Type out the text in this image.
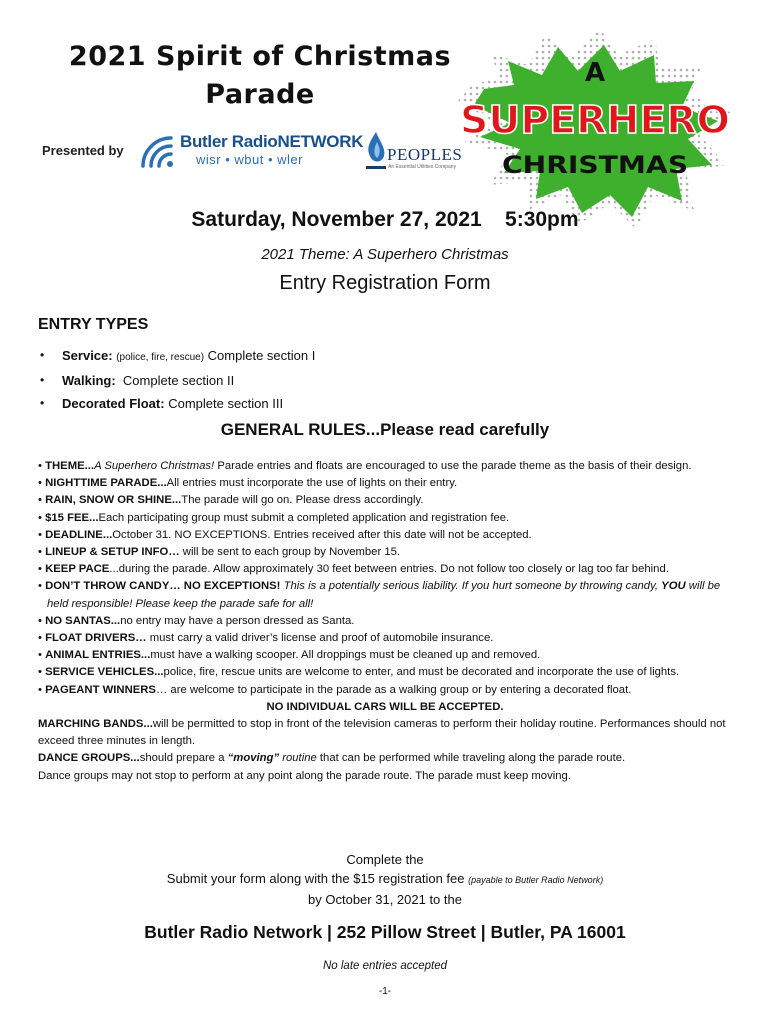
2021 Spirit of Christmas
Parade
Presented by	Butler RadioNETWORK
wisr • wbut • wler	PEOPLES
An Essential Utilities Company
A
SUPERHERO
CHRISTMAS
Saturday, November 27, 2021 5:30pm
2021 Theme: A Superhero Christmas
Entry Registration Form
ENTRY TYPES
• Service: (police, fire, rescue) Complete section I
• Walking: Complete section II
• Decorated Float: Complete section III
GENERAL RULES...Please read carefully
• THEME...A Superhero Christmas! Parade entries and floats are encouraged to use the parade theme as the basis of their design.
• NIGHTTIME PARADE...All entries must incorporate the use of lights on their entry.
• RAIN, SNOW OR SHINE...The parade will go on. Please dress accordingly.
• $15 FEE...Each participating group must submit a completed application and registration fee.
• DEADLINE...October 31. NO EXCEPTIONS. Entries received after this date will not be accepted.
• LINEUP & SETUP INFO… will be sent to each group by November 15.
• KEEP PACE...during the parade. Allow approximately 30 feet between entries. Do not follow too closely or lag too far behind.
• DON’T THROW CANDY… NO EXCEPTIONS! This is a potentially serious liability. If you hurt someone by throwing candy, YOU will be held responsible! Please keep the parade safe for all!
• NO SANTAS...no entry may have a person dressed as Santa.
• FLOAT DRIVERS… must carry a valid driver’s license and proof of automobile insurance.
• ANIMAL ENTRIES...must have a walking scooper. All droppings must be cleaned up and removed.
• SERVICE VEHICLES...police, fire, rescue units are welcome to enter, and must be decorated and incorporate the use of lights.
• PAGEANT WINNERS… are welcome to participate in the parade as a walking group or by entering a decorated float.
NO INDIVIDUAL CARS WILL BE ACCEPTED.
MARCHING BANDS...will be permitted to stop in front of the television cameras to perform their holiday routine. Performances should not exceed three minutes in length.
DANCE GROUPS...should prepare a “moving” routine that can be performed while traveling along the parade route.
Dance groups may not stop to perform at any point along the parade route. The parade must keep moving.
Complete the
Submit your form along with the $15 registration fee (payable to Butler Radio Network)
by October 31, 2021 to the
Butler Radio Network | 252 Pillow Street | Butler, PA 16001
No late entries accepted
-1-
